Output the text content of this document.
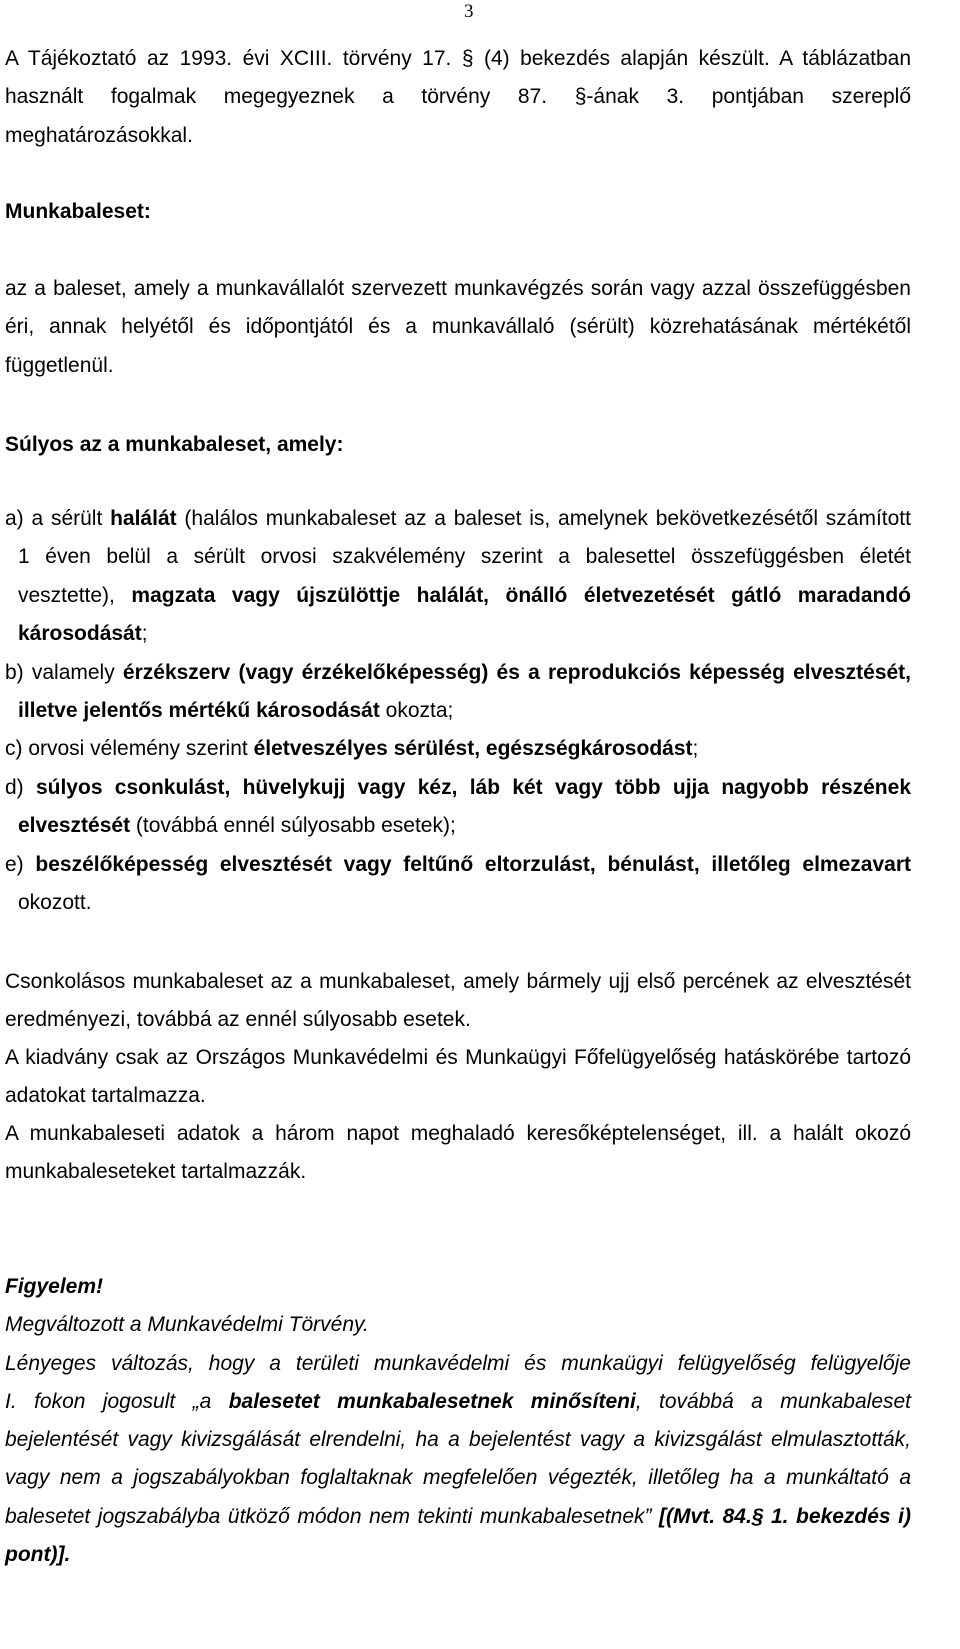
3
A Tájékoztató az 1993. évi XCIII. törvény 17. § (4) bekezdés alapján készült. A táblázatban
használt fogalmak megegyeznek a törvény 87. §-ának 3. pontjában szereplő
meghatározásokkal.
Munkabaleset:
az a baleset, amely a munkavállalót szervezett munkavégzés során vagy azzal összefüggésben
éri, annak helyétől és időpontjától és a munkavállaló (sérült) közrehatásának mértékétől
függetlenül.
Súlyos az a munkabaleset, amely:
a) a sérült halálát (halálos munkabaleset az a baleset is, amelynek bekövetkezésétől számított
1 éven belül a sérült orvosi szakvélemény szerint a balesettel összefüggésben életét
vesztette), magzata vagy újszülöttje halálát, önálló életvezetését gátló maradandó
károsodását;
b) valamely érzékszerv (vagy érzékelőképesség) és a reprodukciós képesség elvesztését,
illetve jelentős mértékű károsodását okozta;
c) orvosi vélemény szerint életveszélyes sérülést, egészségkárosodást;
d) súlyos csonkulást, hüvelykujj vagy kéz, láb két vagy több ujja nagyobb részének
elvesztését (továbbá ennél súlyosabb esetek);
e) beszélőképesség elvesztését vagy feltűnő eltorzulást, bénulást, illetőleg elmezavart
okozott.
Csonkolásos munkabaleset az a munkabaleset, amely bármely ujj első percének az elvesztését
eredményezi, továbbá az ennél súlyosabb esetek.
A kiadvány csak az Országos Munkavédelmi és Munkaügyi Főfelügyelőség hatáskörébe tartozó
adatokat tartalmazza.
A munkabaleseti adatok a három napot meghaladó keresőképtelenséget, ill. a halált okozó
munkabaleseteket tartalmazzák.
Figyelem!
Megváltozott a Munkavédelmi Törvény.
Lényeges változás, hogy a területi munkavédelmi és munkaügyi felügyelőség felügyelője
I. fokon jogosult „a balesetet munkabalesetnek minősíteni, továbbá a munkabaleset
bejelentését vagy kivizsgálását elrendelni, ha a bejelentést vagy a kivizsgálást elmulasztották,
vagy nem a jogszabályokban foglaltaknak megfelelően végezték, illetőleg ha a munkáltató a
balesetet jogszabályba ütköző módon nem tekinti munkabalesetnek” [(Mvt. 84.§ 1. bekezdés i)
pont)].
